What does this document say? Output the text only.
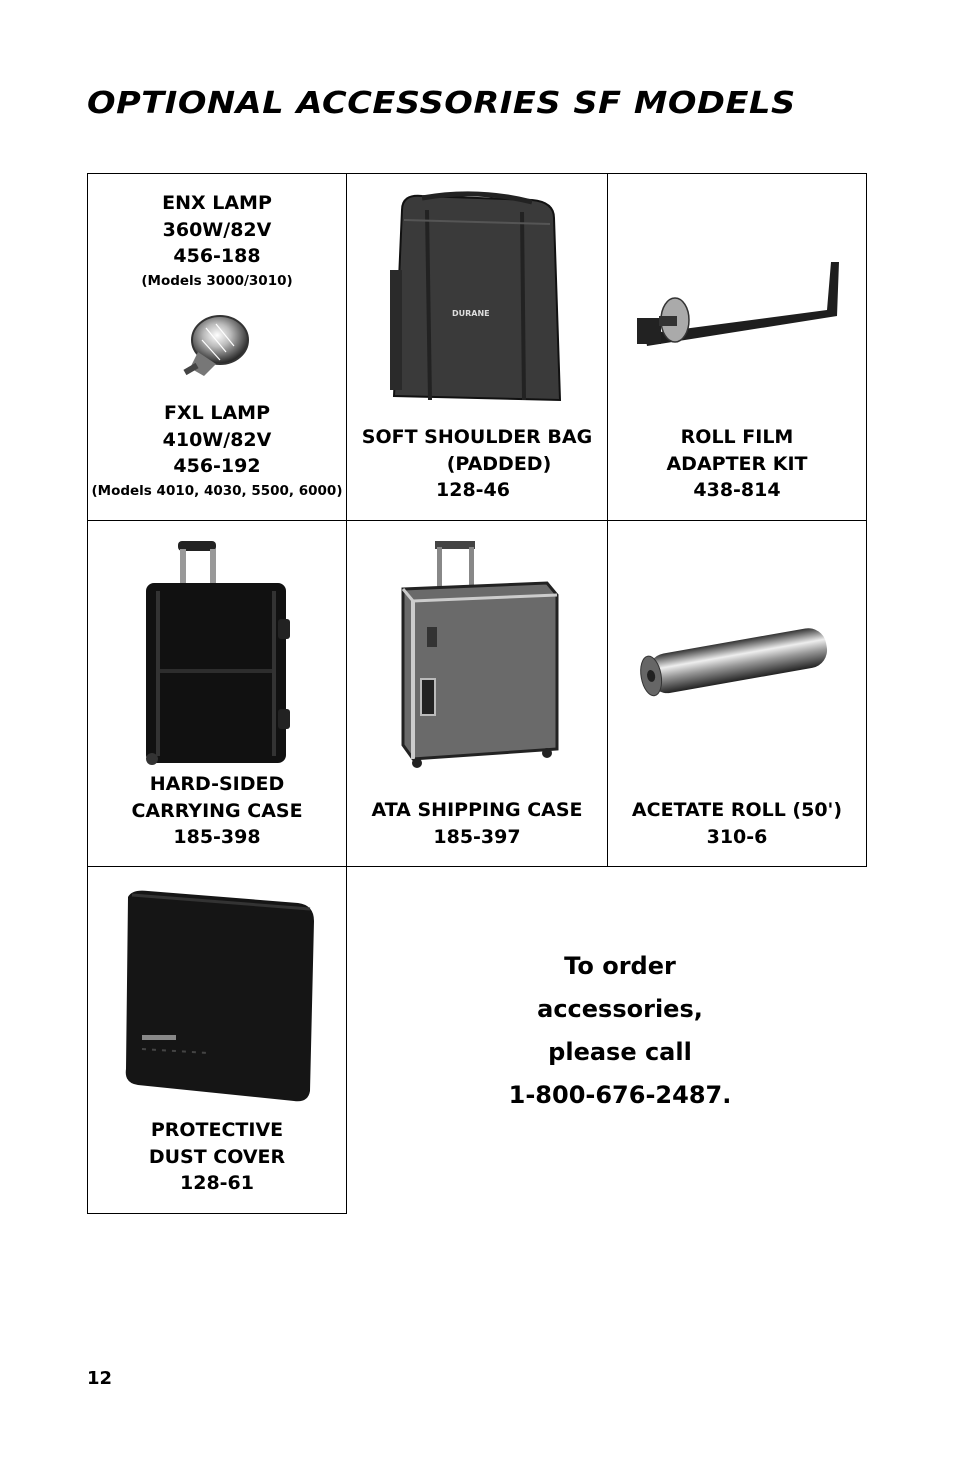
OPTIONAL ACCESSORIES SF MODELS
ENX LAMP
360W/82V
456-188
(Models 3000/3010)
FXL LAMP
410W/82V
456-192
(Models 4010, 4030, 5500, 6000)
DURANE
SOFT SHOULDER BAG
(PADDED)
128-46
ROLL FILM
ADAPTER KIT
438-814
HARD-SIDED
CARRYING CASE
185-398
ATA SHIPPING CASE
185-397
ACETATE ROLL (50')
310-6
PROTECTIVE
DUST COVER
128-61
To order
accessories,
please call
1-800-676-2487.
12
